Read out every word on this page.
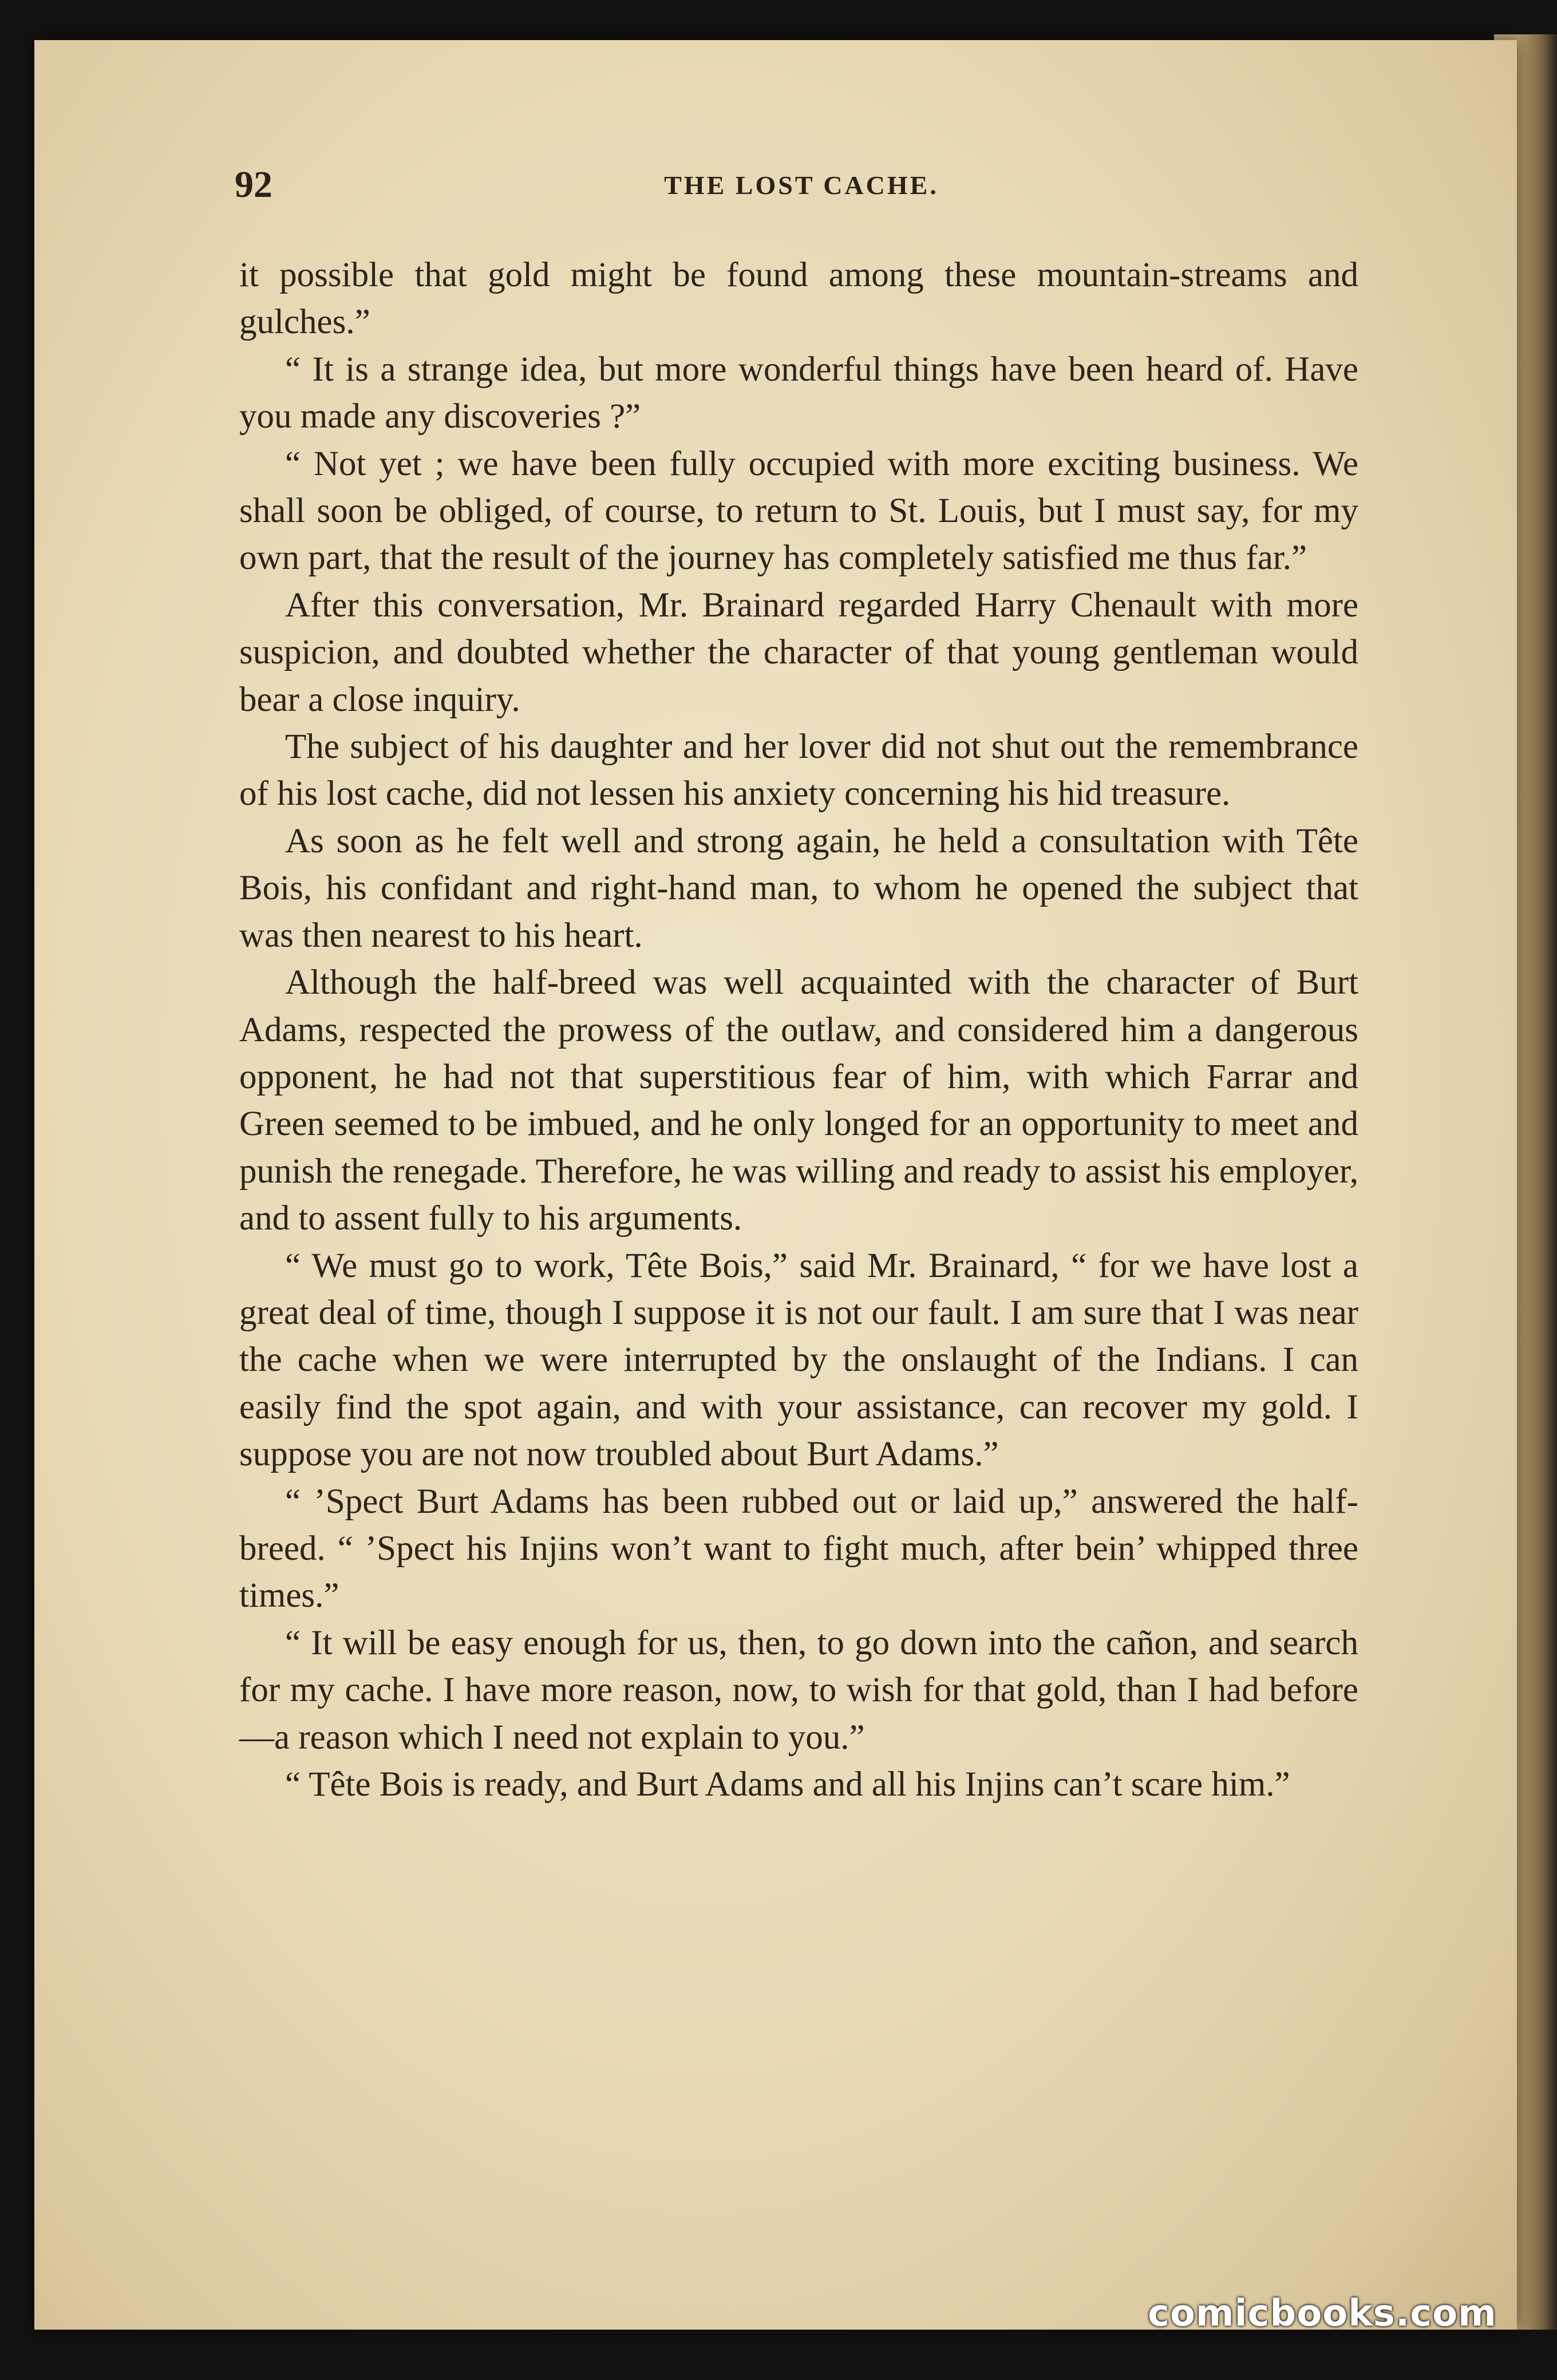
92	THE LOST CACHE.

it possible that gold might be found among these mountain-streams and gulches.”

“ It is a strange idea, but more wonderful things have been heard of. Have you made any discoveries ?”

“ Not yet ; we have been fully occupied with more exciting business. We shall soon be obliged, of course, to return to St. Louis, but I must say, for my own part, that the result of the journey has completely satisfied me thus far.”

After this conversation, Mr. Brainard regarded Harry Chenault with more suspicion, and doubted whether the character of that young gentleman would bear a close inquiry.

The subject of his daughter and her lover did not shut out the remembrance of his lost cache, did not lessen his anxiety concerning his hid treasure.

As soon as he felt well and strong again, he held a consultation with Tête Bois, his confidant and right-hand man, to whom he opened the subject that was then nearest to his heart.

Although the half-breed was well acquainted with the character of Burt Adams, respected the prowess of the outlaw, and considered him a dangerous opponent, he had not that superstitious fear of him, with which Farrar and Green seemed to be imbued, and he only longed for an opportunity to meet and punish the renegade. Therefore, he was willing and ready to assist his employer, and to assent fully to his arguments.

“ We must go to work, Tête Bois,” said Mr. Brainard, “ for we have lost a great deal of time, though I suppose it is not our fault. I am sure that I was near the cache when we were interrupted by the onslaught of the Indians. I can easily find the spot again, and with your assistance, can recover my gold. I suppose you are not now troubled about Burt Adams.”

“ ’Spect Burt Adams has been rubbed out or laid up,” answered the half-breed. “ ’Spect his Injins won’t want to fight much, after bein’ whipped three times.”

“ It will be easy enough for us, then, to go down into the cañon, and search for my cache. I have more reason, now, to wish for that gold, than I had before—a reason which I need not explain to you.”

“ Tête Bois is ready, and Burt Adams and all his Injins can’t scare him.”

comicbooks.com
